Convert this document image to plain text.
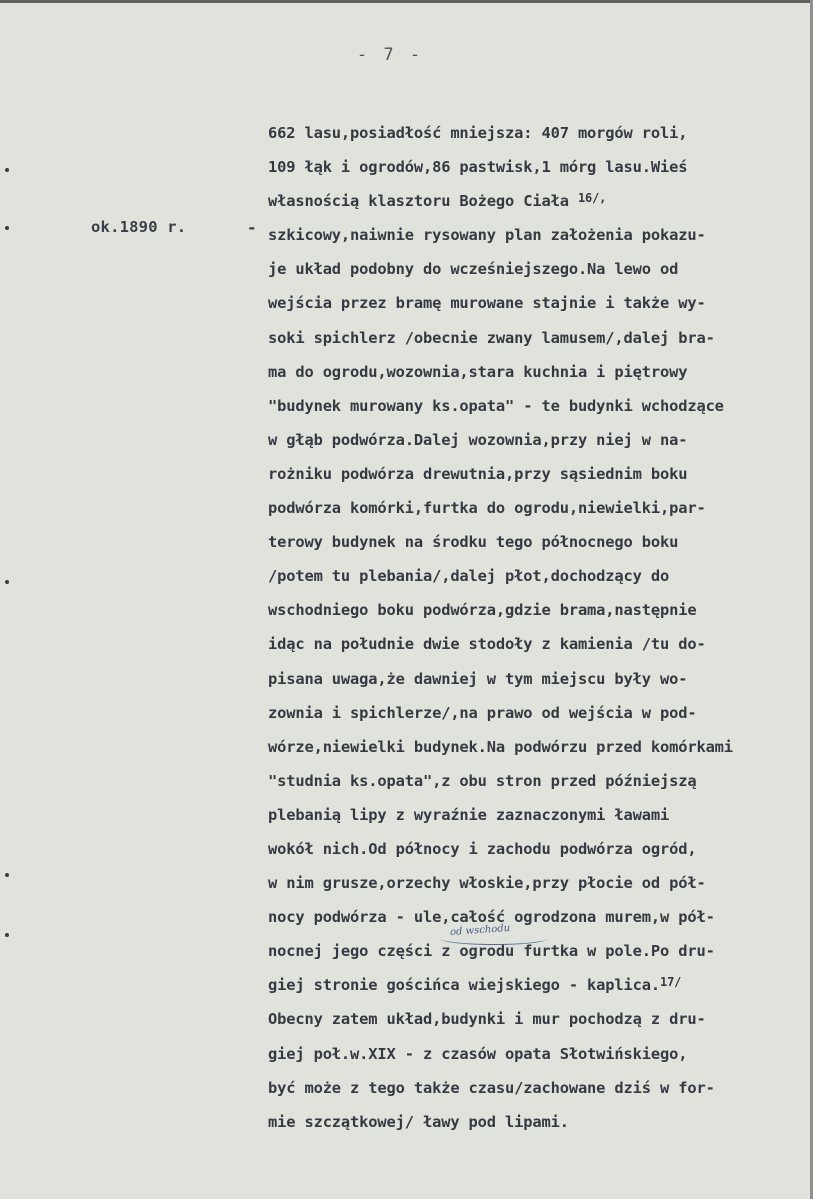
- 7 -
ok.1890 r.	-
662 lasu,posiadłość mniejsza: 407 morgów roli,
109 łąk i ogrodów,86 pastwisk,1 mórg lasu.Wieś
własnością klasztoru Bożego Ciała $^{16/,}$
szkicowy,naiwnie rysowany plan założenia pokazu-
je układ podobny do wcześniejszego.Na lewo od
wejścia przez bramę murowane stajnie i także wy-
soki spichlerz /obecnie zwany lamusem/,dalej bra-
ma do ogrodu,wozownia,stara kuchnia i piętrowy
"budynek murowany ks.opata" - te budynki wchodzące
w głąb podwórza.Dalej wozownia,przy niej w na-
rożniku podwórza drewutnia,przy sąsiednim boku
podwórza komórki,furtka do ogrodu,niewielki,par-
terowy budynek na środku tego północnego boku
/potem tu plebania/,dalej płot,dochodzący do
wschodniego boku podwórza,gdzie brama,następnie
idąc na południe dwie stodoły z kamienia /tu do-
pisana uwaga,że dawniej w tym miejscu były wo-
zownia i spichlerze/,na prawo od wejścia w pod-
wórze,niewielki budynek.Na podwórzu przed komórkami
"studnia ks.opata",z obu stron przed późniejszą
plebanią lipy z wyraźnie zaznaczonymi ławami
wokół nich.Od północy i zachodu podwórza ogród,
w nim grusze,orzechy włoskie,przy płocie od pół-
nocy podwórza - ule,całość ogrodzona murem,w pół-
nocnej jego części z ogrodu furtka w pole.Po dru-
giej stronie gościńca wiejskiego - kaplica.$^{17/}$
Obecny zatem układ,budynki i mur pochodzą z dru-
giej poł.w.XIX - z czasów opata Słotwińskiego,
być może z tego także czasu/zachowane dziś w for-
mie szczątkowej/ ławy pod lipami.
od wschodu
